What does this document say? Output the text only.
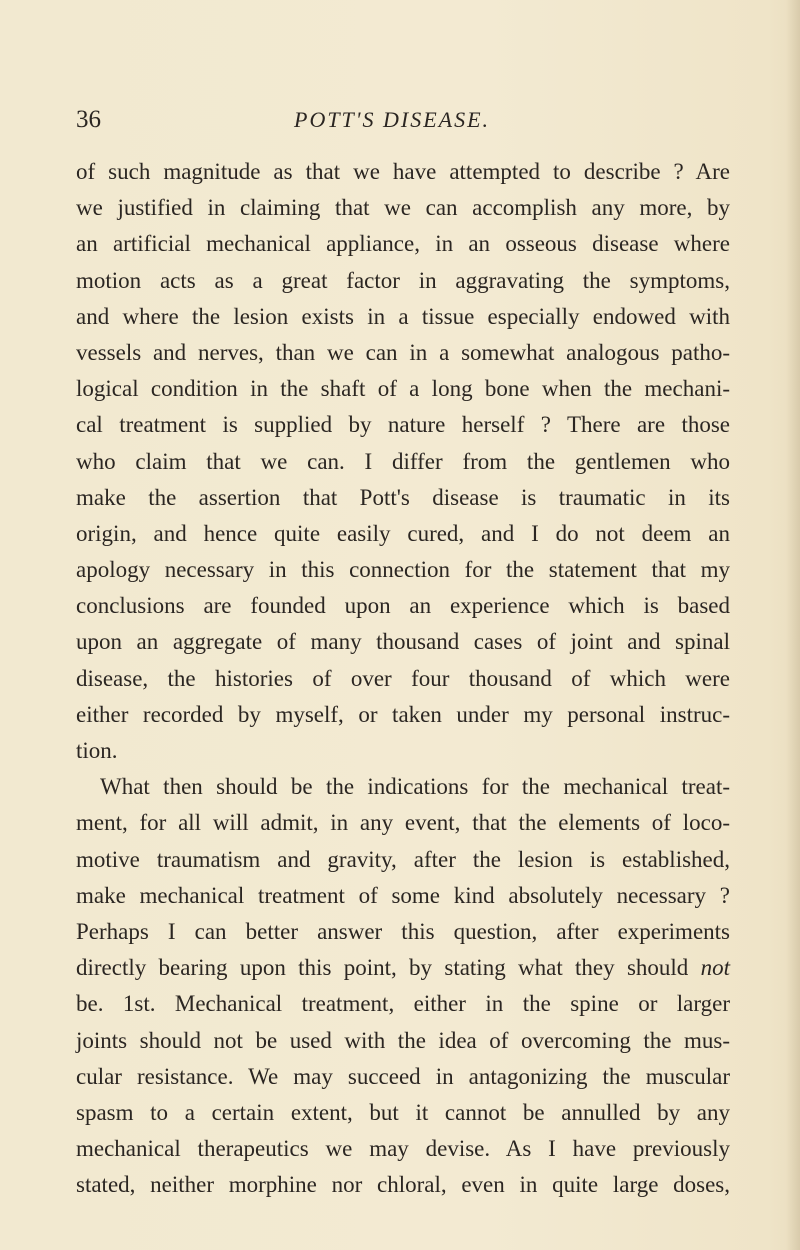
36	POTT'S DISEASE.
of such magnitude as that we have attempted to describe ? Are
we justified in claiming that we can accomplish any more, by
an artificial mechanical appliance, in an osseous disease where
motion acts as a great factor in aggravating the symptoms,
and where the lesion exists in a tissue especially endowed with
vessels and nerves, than we can in a somewhat analogous patho-
logical condition in the shaft of a long bone when the mechani-
cal treatment is supplied by nature herself ? There are those
who claim that we can. I differ from the gentlemen who
make the assertion that Pott's disease is traumatic in its
origin, and hence quite easily cured, and I do not deem an
apology necessary in this connection for the statement that my
conclusions are founded upon an experience which is based
upon an aggregate of many thousand cases of joint and spinal
disease, the histories of over four thousand of which were
either recorded by myself, or taken under my personal instruc-
tion.
What then should be the indications for the mechanical treat-
ment, for all will admit, in any event, that the elements of loco-
motive traumatism and gravity, after the lesion is established,
make mechanical treatment of some kind absolutely necessary ?
Perhaps I can better answer this question, after experiments
directly bearing upon this point, by stating what they should not
be. 1st. Mechanical treatment, either in the spine or larger
joints should not be used with the idea of overcoming the mus-
cular resistance. We may succeed in antagonizing the muscular
spasm to a certain extent, but it cannot be annulled by any
mechanical therapeutics we may devise. As I have previously
stated, neither morphine nor chloral, even in quite large doses,
